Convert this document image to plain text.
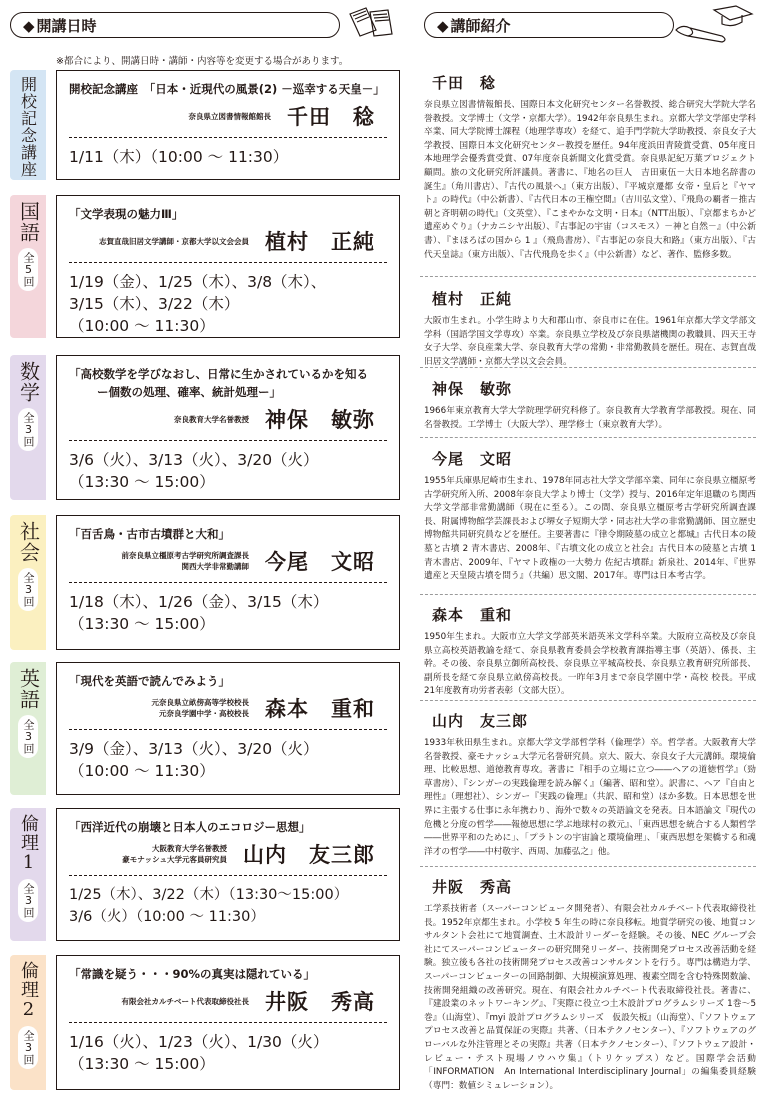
◆ 開講日時
※都合により、開講日時・講師・内容等を変更する場合があります。
開校記念講座	開校記念講座　「日本・近現代の風景(2) －巡幸する天皇－」
奈良県立図書情報館館長 千田　稔
1/11（木）（10:00 ～ 11:30）
国語
全5回
「文学表現の魅力Ⅲ」
志賀直哉旧居文学講師・京都大学以文会会員 植村　正純
1/19（金）、1/25（木）、3/8（木）、
3/15（木）、3/22（木）
（10:00 ～ 11:30）
数学
全3回
「高校数学を学びなおし、日常に生かされているかを知る
ー個数の処理、確率、統計処理ー」
奈良教育大学名誉教授 神保　敏弥
3/6（火）、3/13（火）、3/20（火）
（13:30 ～ 15:00）
社会
全3回
「百舌鳥・古市古墳群と大和」
前奈良県立橿原考古学研究所調査課長
関西大学非常勤講師 今尾　文昭
1/18（木）、1/26（金）、3/15（木）
（13:30 ～ 15:00）
英語
全3回
「現代を英語で読んでみよう」
元奈良県立畝傍高等学校校長
元奈良学園中学・高校校長 森本　重和
3/9（金）、3/13（火）、3/20（火）
（10:00 ～ 11:30）
倫理1
全3回
「西洋近代の崩壊と日本人のエコロジー思想」
大阪教育大学名誉教授
豪モナッシュ大学元客員研究員 山内　友三郎
1/25（木）、3/22（木）（13:30～15:00）
3/6（火）（10:00 ～ 11:30）
倫理2
全3回
「常識を疑う・・・90%の真実は隠れている」
有限会社カルチベート代表取締役社長 井阪　秀高
1/16（火）、1/23（火）、1/30（火）
（13:30 ～ 15:00）
◆ 講師紹介
千田　稔
奈良県立図書情報館長、国際日本文化研究センター名誉教授、総合研究大学院大学名誉教授。文学博士（文学・京都大学）。1942年奈良県生まれ。京都大学文学部史学科卒業、同大学院博士課程（地理学専攻）を経て、追手門学院大学助教授、奈良女子大学教授、国際日本文化研究センター教授を歴任。94年度浜田青陵賞受賞、05年度日本地理学会優秀賞受賞、07年度奈良新聞文化賞受賞。奈良県記紀万葉プロジェクト顧問。旅の文化研究所評議員。著書に、『地名の巨人　吉田東伍－大日本地名辞書の誕生』（角川書店）、『古代の風景へ』（東方出版）、『平城京遷都 女帝・皇后と『ヤマト』の時代』（中公新書）、『古代日本の王権空間』（吉川弘文堂）、『飛鳥の覇者－推古朝と斉明朝の時代』（文英堂）、『こまやかな文明・日本』（NTT出版）、『京都まちかど遺産めぐり』（ナカニシヤ出版）、『古事記の宇宙（コスモス）－神と自然－』（中公新書）、『まほろばの国から 1 』（飛鳥書房）、『古事記の奈良大和路』（東方出版）、『古代天皇誌』（東方出版）、『古代飛鳥を歩く』（中公新書）など、著作、監修多数。
植村　正純
大阪市生まれ。小学生時より大和郡山市、奈良市に在住。1961年京都大学文学部文学科（国語学国文学専攻）卒業。奈良県立学校及び奈良県諸機関の教職員、四天王寺女子大学、奈良産業大学、奈良教育大学の常勤・非常勤教員を歴任。現在、志賀直哉旧居文学講師・京都大学以文会会員。
神保　敏弥
1966年東京教育大学大学院理学研究科修了。奈良教育大学教育学部教授。現在、同名誉教授。工学博士（大阪大学）、理学修士（東京教育大学）。
今尾　文昭
1955年兵庫県尼崎市生まれ、1978年同志社大学文学部卒業、同年に奈良県立橿原考古学研究所入所、2008年奈良大学より博士（文学）授与、2016年定年退職のち関西大学文学部非常勤講師（現在に至る）。この間、奈良県立橿原考古学研究所調査課長、附属博物館学芸課長および堺女子短期大学・同志社大学の非常勤講師、国立歴史博物館共同研究員などを歴任。主要著書に『律令期陵墓の成立と都城』古代日本の陵墓と古墳 2 青木書店、2008年、『古墳文化の成立と社会』古代日本の陵墓と古墳 1 青木書店、2009年、『ヤマト政権の一大勢力 佐紀古墳群』新泉社、2014年、『世界遺産と天皇陵古墳を問う』（共編）思文閣、2017年。専門は日本考古学。
森本　重和
1950年生まれ。大阪市立大学文学部英米語英米文学科卒業。大阪府立高校及び奈良県立高校英語教諭を経て、奈良県教育委員会学校教育課指導主事（英語）、係長、主幹。その後、奈良県立御所高校長、奈良県立平城高校長、奈良県立教育研究所部長、副所長を経て奈良県立畝傍高校長。一昨年3月まで奈良学園中学・高校 校長。平成21年度教育功労者表彰（文部大臣）。
山内　友三郎
1933年秋田県生まれ。京都大学文学部哲学科（倫理学）卒。哲学者。大阪教育大学名誉教授、豪モナッシュ大学元名誉研究員。京大、阪大、奈良女子大元講師。環境倫理、比較思想、道徳教育専攻。著書に『相手の立場に立つ――ヘアの道徳哲学』（勁草書房）、『シンガーの実践倫理を読み解く』（編著、昭和堂）。訳書に、ヘア『自由と理性』（理想社）、シンガー『実践の倫理』（共訳、昭和堂）ほか多数。日本思想を世界に主張する仕事に永年携わり、海外で数々の英語論文を発表。日本語論文『現代の危機と分度の哲学――報徳思想に学ぶ地球村の救元』、「東西思想を統合する人類哲学――世界平和のために」、「プラトンの宇宙論と環境倫理」、「東西思想を架橋する和魂洋才の哲学――中村敬宇、西周、加藤弘之」他。
井阪　秀高
工学系技術者（スーパーコンピュータ開発者）、有限会社カルチベート代表取締役社長。1952年京都生まれ。小学校 5 年生の時に奈良移転。地質学研究の後、地質コンサルタント会社にて地質調査、土木設計リーダーを経験。その後、NEC グループ会社にてスーパーコンピューターの研究開発リーダー、技術開発プロセス改善活動を経験。独立後も各社の技術開発プロセス改善コンサルタントを行う。専門は構造力学、スーパーコンピューターの回路制御、大規模演算処理、複素空間を含む特殊関数論、技術開発組織の改善研究。現在、有限会社カルチベート代表取締役社長。著書に、『建設業のネットワーキング』、『実際に役立つ土木設計プログラムシリーズ 1巻～5 巻』（山海堂）、『myi 設計プログラムシリーズ　仮設矢板』（山海堂）、『ソフトウェアプロセス改善と品質保証の実際』共著、（日本テクノセンター）、『ソフトウェアのグローバルな外注管理とその実際』共著（日本テクノセンター）、『ソフトウェア設計・レビュー・テスト現場ノウハウ集』（トリケップス）など。国際学会活動「INFORMATION　An International Interdisciplinary Journal」の編集委員経験（専門：数値シミュレーション）。
